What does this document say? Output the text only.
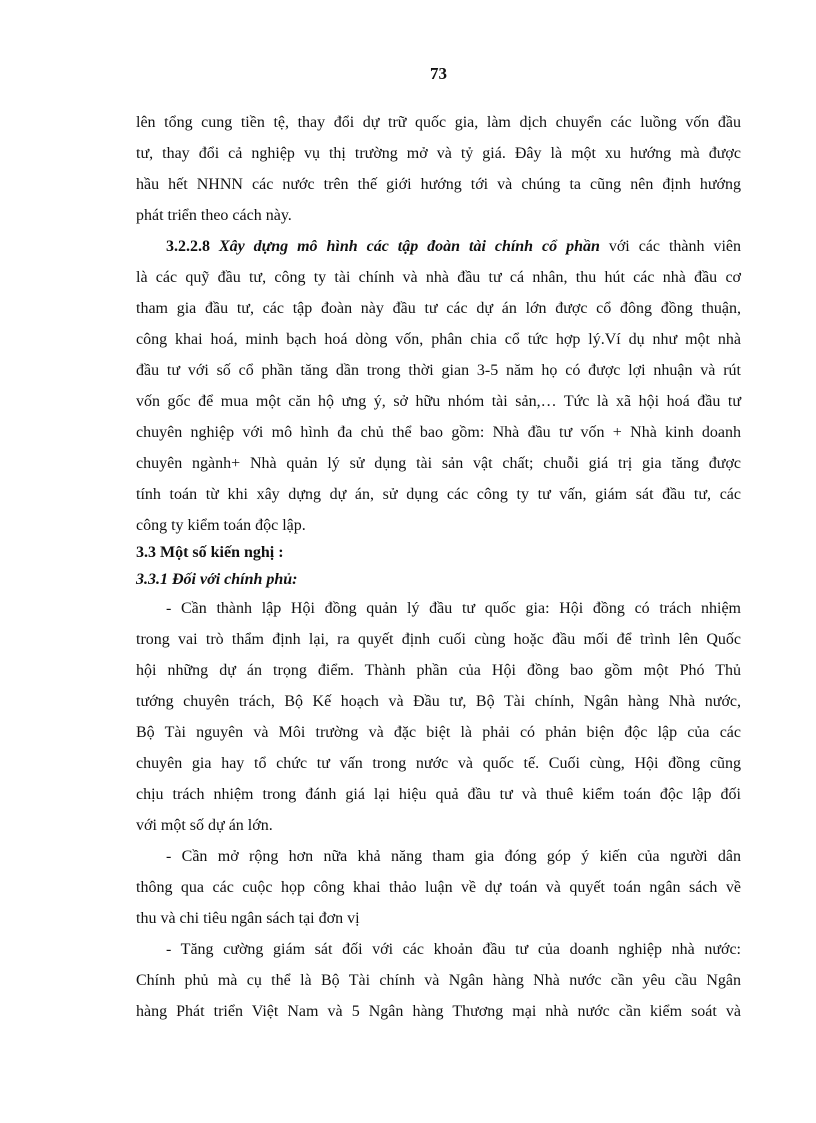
73
lên tổng cung tiền tệ, thay đổi dự trữ quốc gia, làm dịch chuyển các luồng vốn đầu
tư, thay đổi cả nghiệp vụ thị trường mở và tỷ giá. Đây là một xu hướng mà được
hầu hết NHNN các nước trên thế giới hướng tới và chúng ta cũng nên định hướng
phát triển theo cách này.
3.2.2.8 Xây dựng mô hình các tập đoàn tài chính cổ phần với các thành viên
là các quỹ đầu tư, công ty tài chính và nhà đầu tư cá nhân, thu hút các nhà đầu cơ
tham gia đầu tư, các tập đoàn này đầu tư các dự án lớn được cổ đông đồng thuận,
công khai hoá, minh bạch hoá dòng vốn, phân chia cổ tức hợp lý.Ví dụ như một nhà
đầu tư với số cổ phần tăng dần trong thời gian 3-5 năm họ có được lợi nhuận và rút
vốn gốc để mua một căn hộ ưng ý, sở hữu nhóm tài sản,… Tức là xã hội hoá đầu tư
chuyên nghiệp với mô hình đa chủ thể bao gồm: Nhà đầu tư vốn + Nhà kinh doanh
chuyên ngành+ Nhà quản lý sử dụng tài sản vật chất; chuỗi giá trị gia tăng được
tính toán từ khi xây dựng dự án, sử dụng các công ty tư vấn, giám sát đầu tư, các
công ty kiểm toán độc lập.
3.3 Một số kiến nghị :
3.3.1 Đối với chính phủ:
- Cần thành lập Hội đồng quản lý đầu tư quốc gia: Hội đồng có trách nhiệm
trong vai trò thẩm định lại, ra quyết định cuối cùng hoặc đầu mối để trình lên Quốc
hội những dự án trọng điểm. Thành phần của Hội đồng bao gồm một Phó Thủ
tướng chuyên trách, Bộ Kế hoạch và Đầu tư, Bộ Tài chính, Ngân hàng Nhà nước,
Bộ Tài nguyên và Môi trường và đặc biệt là phải có phản biện độc lập của các
chuyên gia hay tổ chức tư vấn trong nước và quốc tế. Cuối cùng, Hội đồng cũng
chịu trách nhiệm trong đánh giá lại hiệu quả đầu tư và thuê kiểm toán độc lập đối
với một số dự án lớn.
- Cần mở rộng hơn nữa khả năng tham gia đóng góp ý kiến của người dân
thông qua các cuộc họp công khai thảo luận về dự toán và quyết toán ngân sách về
thu và chi tiêu ngân sách tại đơn vị
- Tăng cường giám sát đối với các khoản đầu tư của doanh nghiệp nhà nước:
Chính phủ mà cụ thể là Bộ Tài chính và Ngân hàng Nhà nước cần yêu cầu Ngân
hàng Phát triển Việt Nam và 5 Ngân hàng Thương mại nhà nước cần kiểm soát và
